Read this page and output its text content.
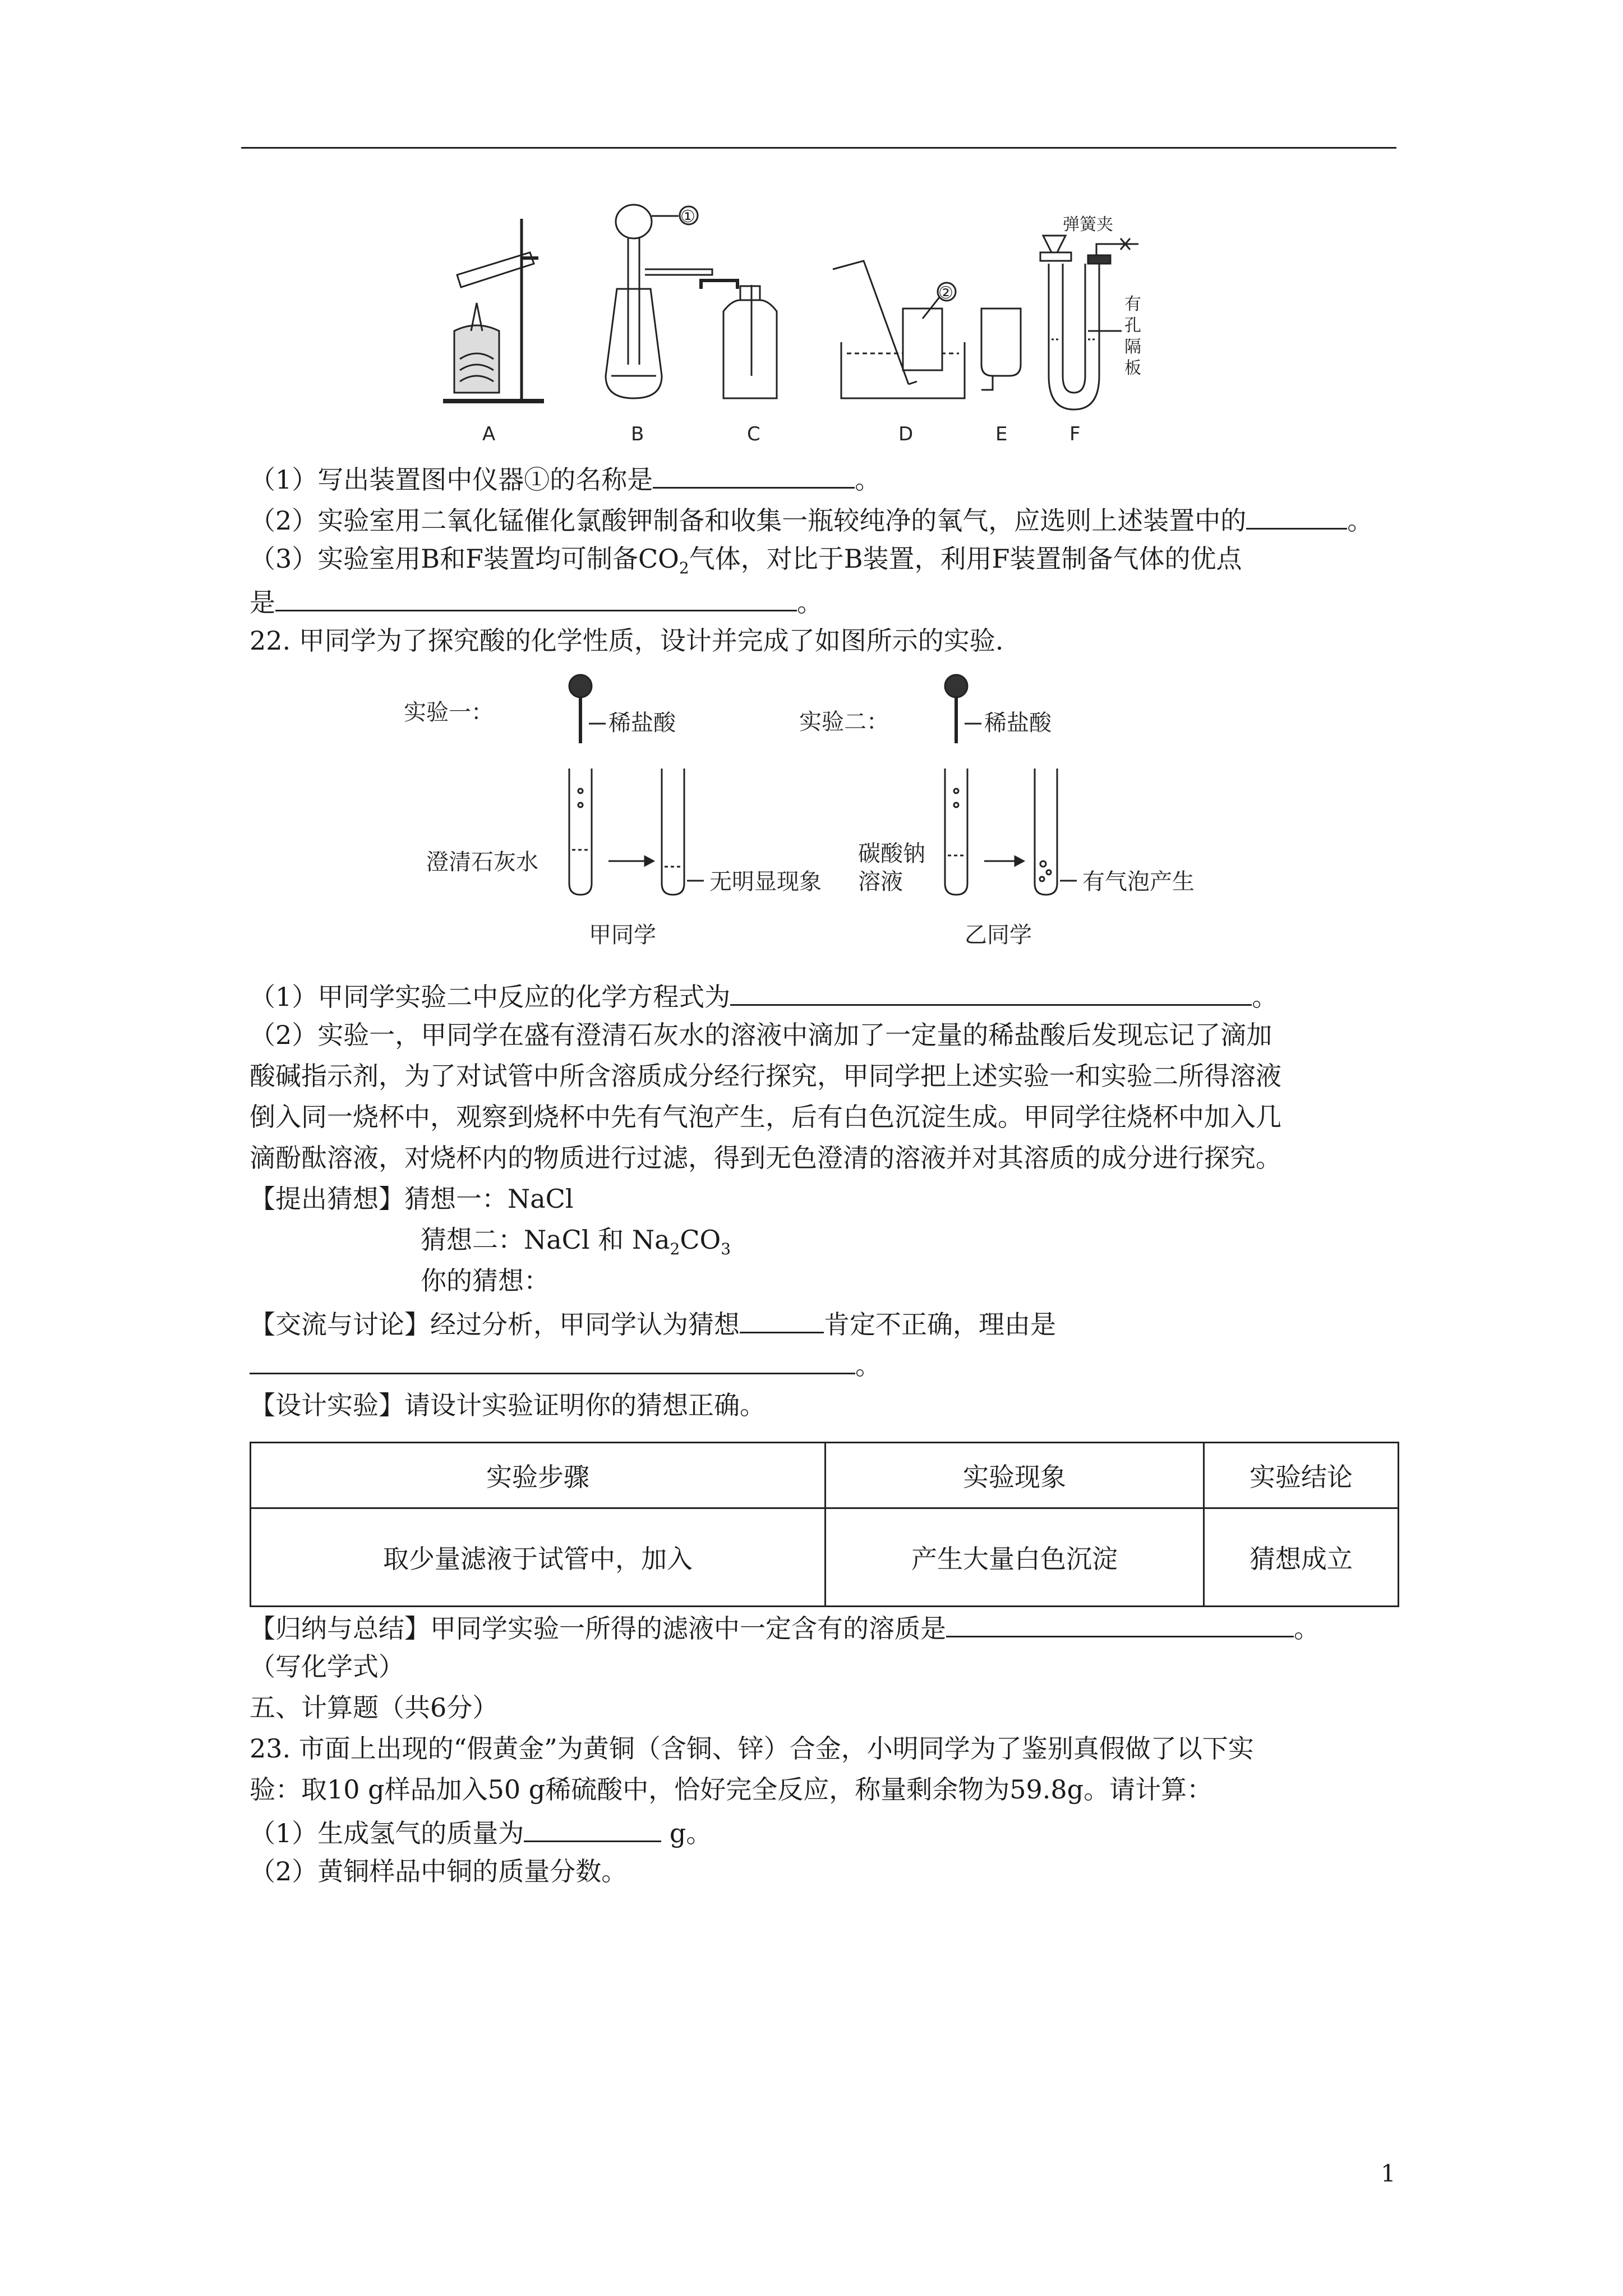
A	B	C	D	E	F
①
②
弹簧夹
有
孔
隔
板
（1）写出装置图中仪器①的名称是	。
（2）实验室用二氧化锰催化氯酸钾制备和收集一瓶较纯净的氧气，应选则上述装置中的	。
（3）实验室用B和F装置均可制备$CO_2$气体，对比于B装置，利用F装置制备气体的优点
是	。
22. 甲同学为了探究酸的化学性质，设计并完成了如图所示的实验.
实验一：	实验二：
稀盐酸	稀盐酸
澄清石灰水
无明显现象
碳酸钠
溶液	有气泡产生
甲同学	乙同学
（1）甲同学实验二中反应的化学方程式为	。
（2）实验一，甲同学在盛有澄清石灰水的溶液中滴加了一定量的稀盐酸后发现忘记了滴加
酸碱指示剂，为了对试管中所含溶质成分经行探究，甲同学把上述实验一和实验二所得溶液
倒入同一烧杯中，观察到烧杯中先有气泡产生，后有白色沉淀生成。甲同学往烧杯中加入几
滴酚酞溶液，对烧杯内的物质进行过滤，得到无色澄清的溶液并对其溶质的成分进行探究。
【提出猜想】猜想一：NaCl
猜想二：NaCl 和 $Na_2CO_3$
你的猜想：
【交流与讨论】经过分析，甲同学认为猜想	肯定不正确，理由是
。
【设计实验】请设计实验证明你的猜想正确。
实验步骤	实验现象	实验结论
取少量滤液于试管中，加入	产生大量白色沉淀	猜想成立
【归纳与总结】甲同学实验一所得的滤液中一定含有的溶质是	。
（写化学式）
五、计算题（共6分）
23. 市面上出现的“假黄金”为黄铜（含铜、锌）合金，小明同学为了鉴别真假做了以下实
验：取10 g样品加入50 g稀硫酸中，恰好完全反应，称量剩余物为59.8g。请计算：
（1）生成氢气的质量为	g。
（2）黄铜样品中铜的质量分数。
1
